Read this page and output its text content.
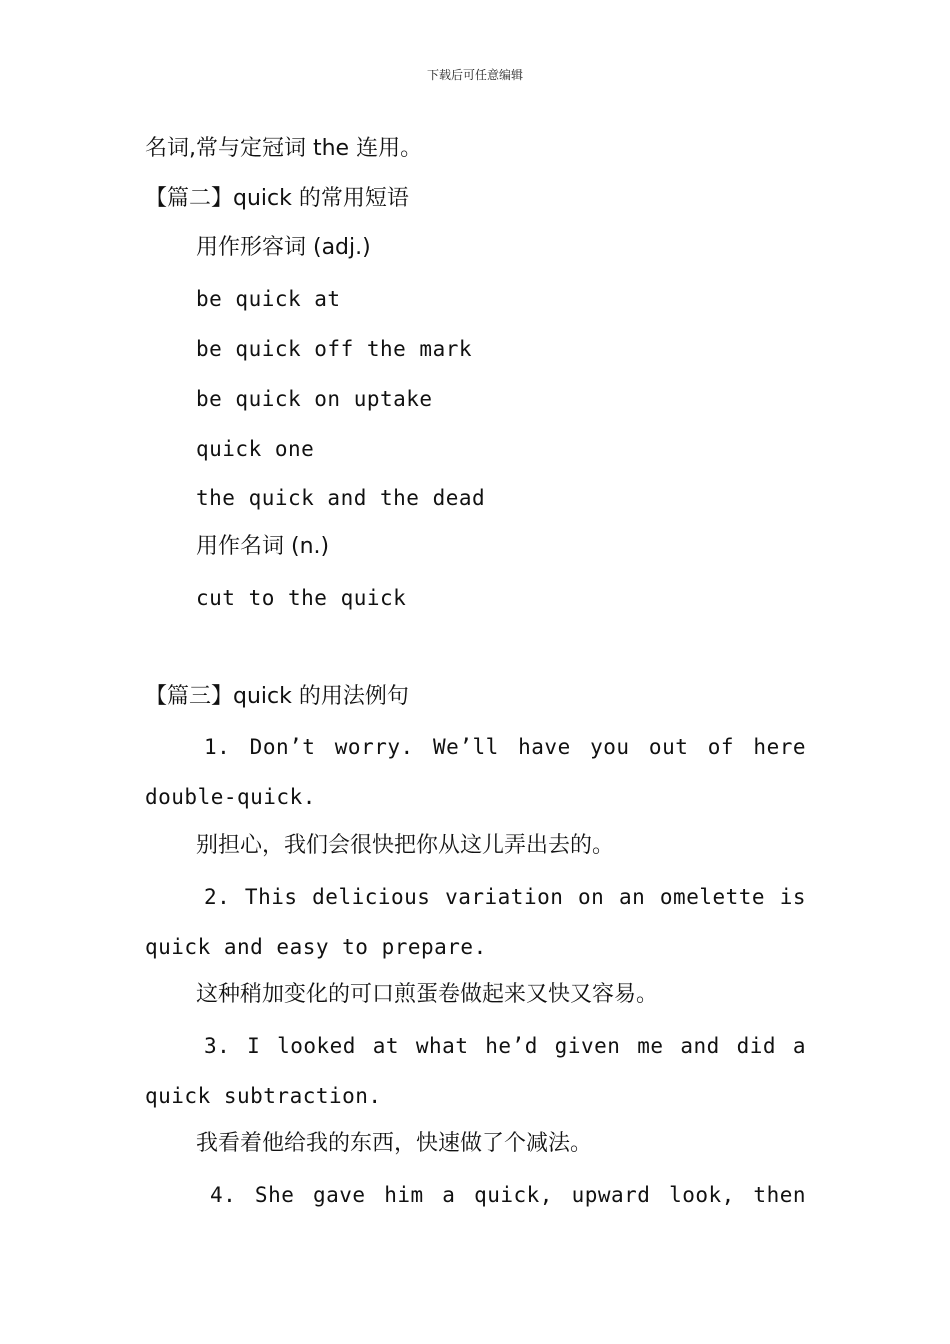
下载后可任意编辑
名词,常与定冠词 the 连用。
【篇二】quick 的常用短语
用作形容词 (adj.)
be quick at
be quick off the mark
be quick on uptake
quick one
the quick and the dead
用作名词 (n.)
cut to the quick
【篇三】quick 的用法例句
1. Don’t worry. We’ll have you out of here
double-quick.
别担心，我们会很快把你从这儿弄出去的。
2. This delicious variation on an omelette is
quick and easy to prepare.
这种稍加变化的可口煎蛋卷做起来又快又容易。
3. I looked at what he’d given me and did a
quick subtraction.
我看着他给我的东西，快速做了个减法。
4. She gave him a quick, upward look, then
